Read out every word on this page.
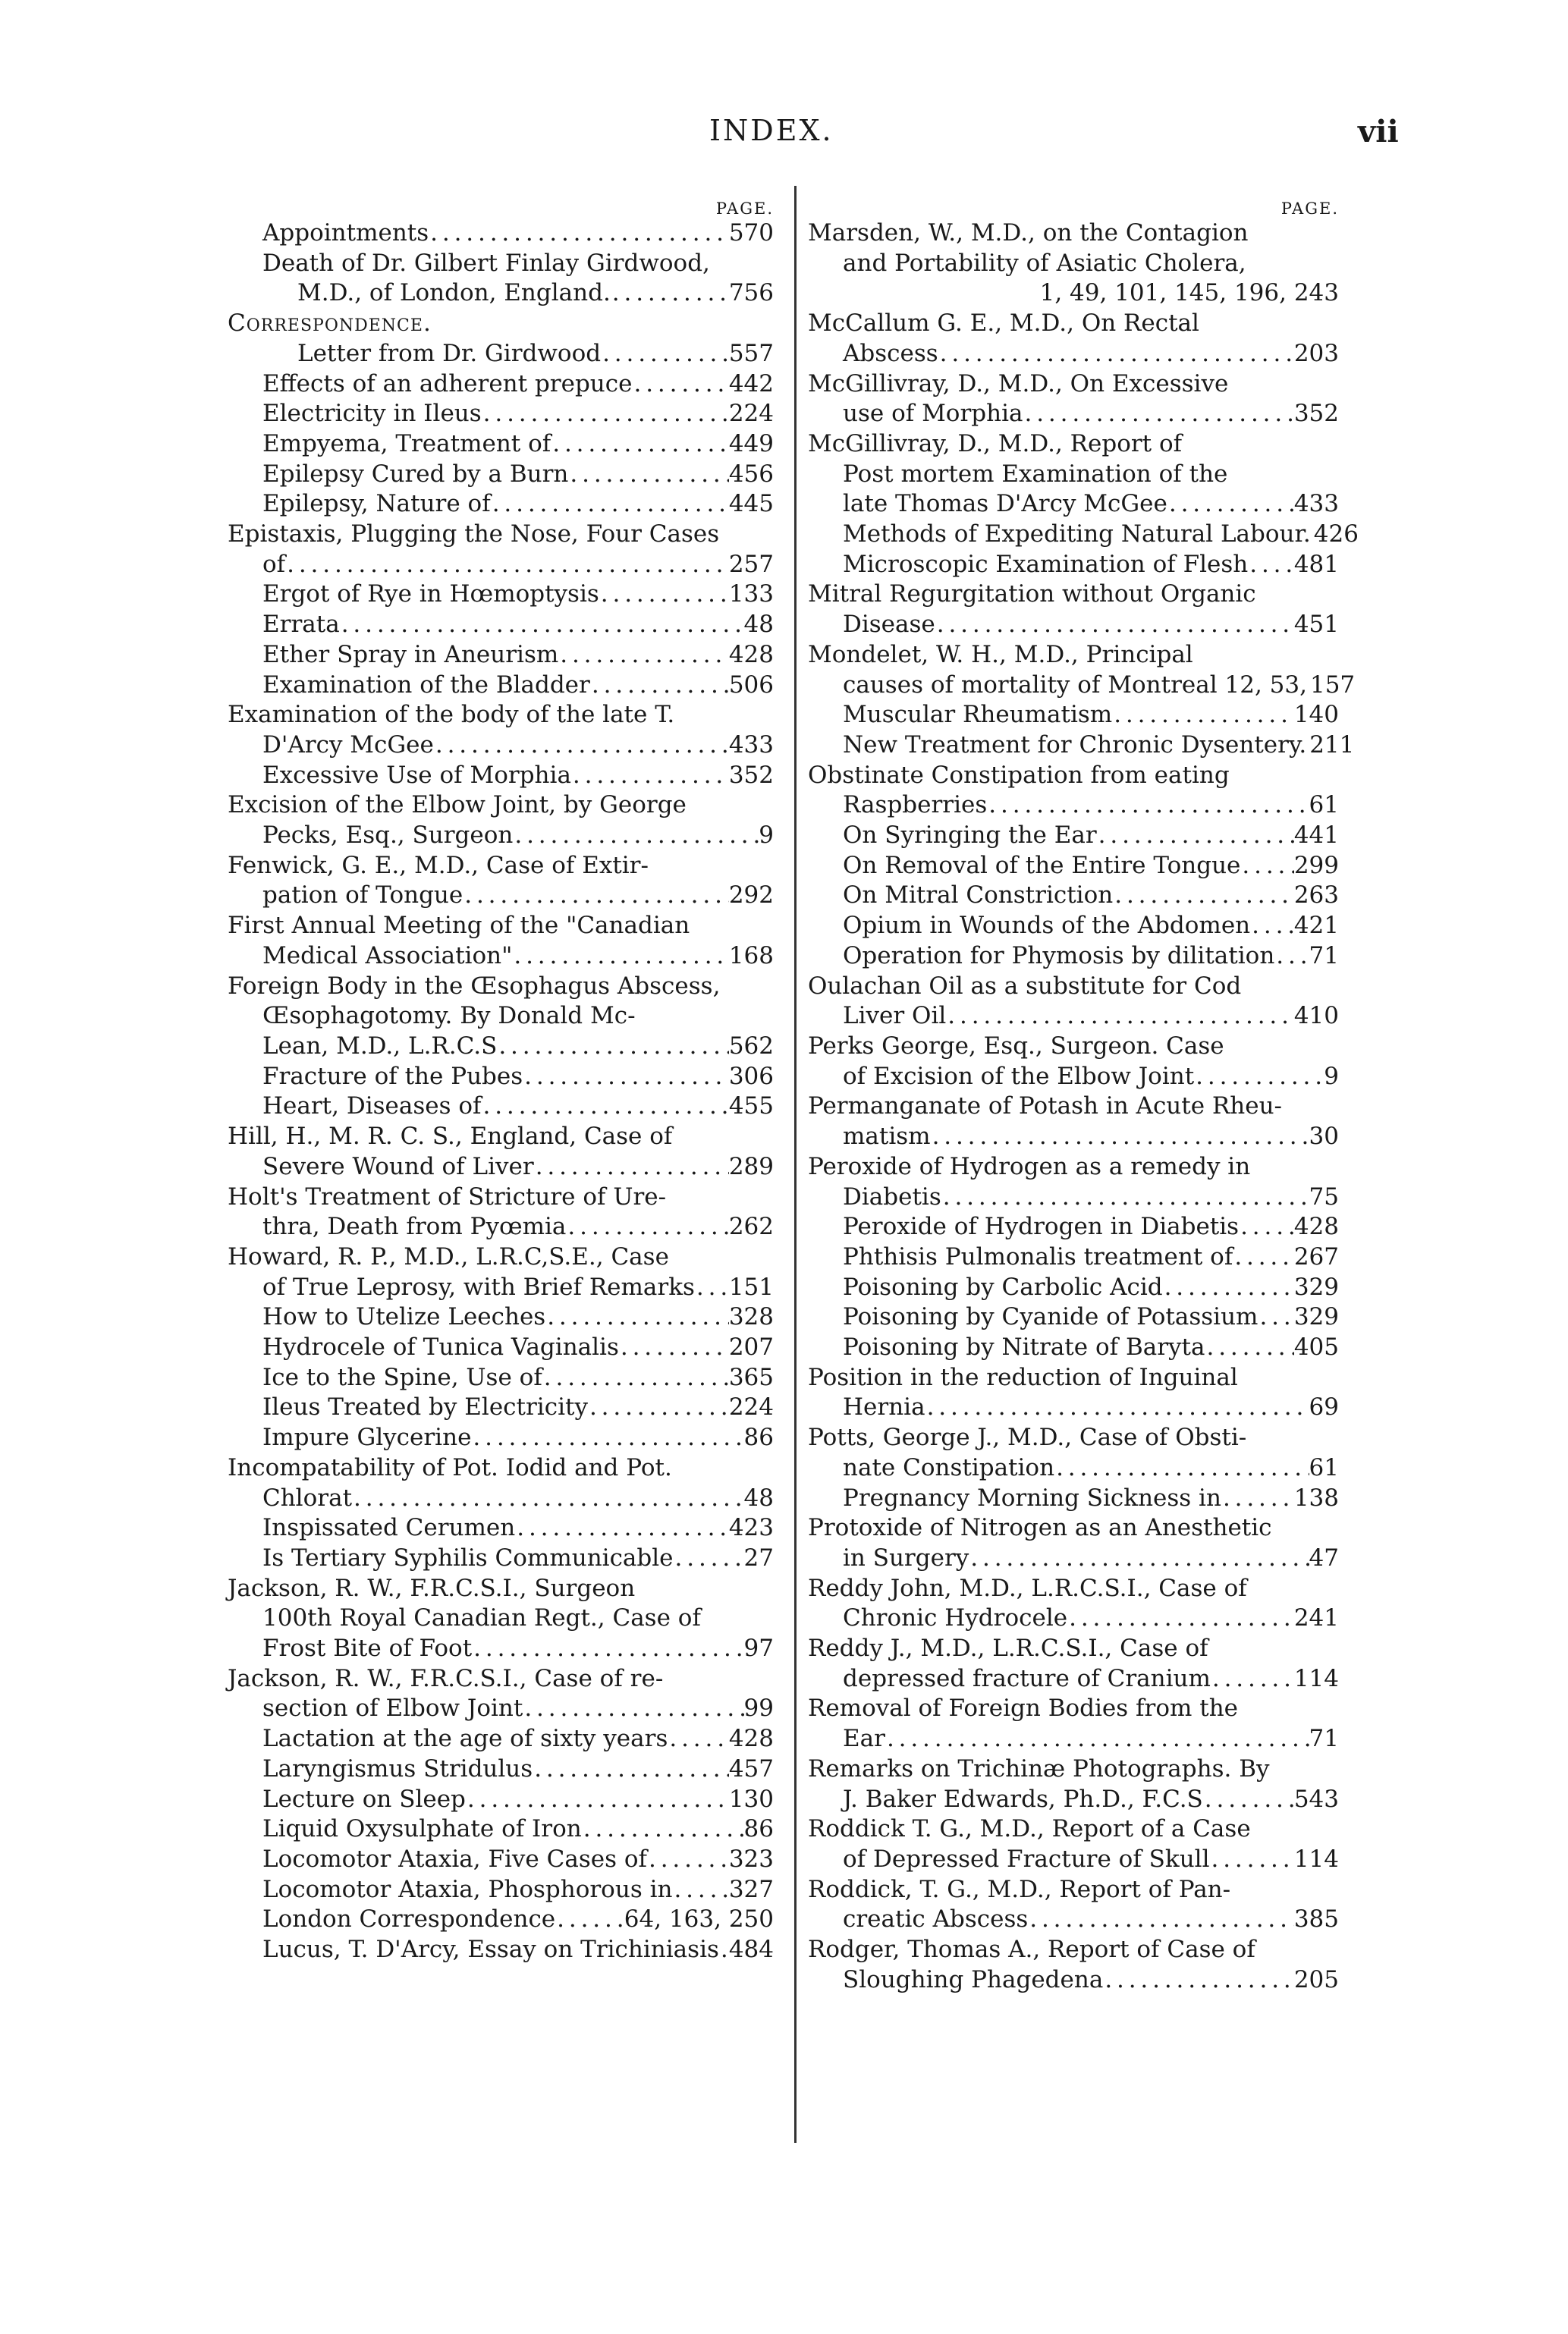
INDEX.	vii
PAGE.
Appointments . . .	570
Death of Dr. Gilbert Finlay Girdwood,
M.D., of London, England. . . .	756
Correspondence.
Letter from Dr. Girdwood . . .	557
Effects of an adherent prepuce . . .	442
Electricity in Ileus . . .	224
Empyema, Treatment of . . .	449
Epilepsy Cured by a Burn . . .	456
Epilepsy, Nature of . . .	445
Epistaxis, Plugging the Nose, Four Cases
of . . .	257
Ergot of Rye in Hœmoptysis . . .	133
Errata . . .	48
Ether Spray in Aneurism . . .	428
Examination of the Bladder . . .	506
Examination of the body of the late T.
D'Arcy McGee . . .	433
Excessive Use of Morphia . . .	352
Excision of the Elbow Joint, by George
Pecks, Esq., Surgeon . . .	9
Fenwick, G. E., M.D., Case of Extir-
pation of Tongue . . .	292
First Annual Meeting of the "Canadian
Medical Association" . . .	168
Foreign Body in the Œsophagus Abscess,
Œsophagotomy. By Donald Mc-
Lean, M.D., L.R.C.S . . .	562
Fracture of the Pubes . . .	306
Heart, Diseases of . . .	455
Hill, H., M. R. C. S., England, Case of
Severe Wound of Liver . . .	289
Holt's Treatment of Stricture of Ure-
thra, Death from Pyœmia . . .	262
Howard, R. P., M.D., L.R.C,S.E., Case
of True Leprosy, with Brief Remarks . . . 151
How to Utelize Leeches . . .	328
Hydrocele of Tunica Vaginalis . . .	207
Ice to the Spine, Use of . . .	365
Ileus Treated by Electricity . . .	224
Impure Glycerine . . .	86
Incompatability of Pot. Iodid and Pot.
Chlorat . . .	48
Inspissated Cerumen . . .	423
Is Tertiary Syphilis Communicable . . .	27
Jackson, R. W., F.R.C.S.I., Surgeon
100th Royal Canadian Regt., Case of
Frost Bite of Foot . . .	97
Jackson, R. W., F.R.C.S.I., Case of re-
section of Elbow Joint . . .	99
Lactation at the age of sixty years . . .	428
Laryngismus Stridulus . . .	457
Lecture on Sleep . . .	130
Liquid Oxysulphate of Iron . . .	86
Locomotor Ataxia, Five Cases of . . .	323
Locomotor Ataxia, Phosphorous in . . . 327
London Correspondence . . .	64, 163, 250
Lucus, T. D'Arcy, Essay on Trichiniasis . . . 484
PAGE.
Marsden, W., M.D., on the Contagion
and Portability of Asiatic Cholera,
1, 49, 101, 145, 196, 243
McCallum G. E., M.D., On Rectal
Abscess . . .	203
McGillivray, D., M.D., On Excessive
use of Morphia . . .	352
McGillivray, D., M.D., Report of
Post mortem Examination of the
late Thomas D'Arcy McGee . . .	433
Methods of Expediting Natural Labour. . . . 426
Microscopic Examination of Flesh . . . 481
Mitral Regurgitation without Organic
Disease . . .	451
Mondelet, W. H., M.D., Principal
causes of mortality of Montreal 12, 53, . . . 157
Muscular Rheumatism . . .	140
New Treatment for Chronic Dysentery. . . . 211
Obstinate Constipation from eating
Raspberries . . .	61
On Syringing the Ear . . .	441
On Removal of the Entire Tongue . . . 299
On Mitral Constriction . . .	263
Opium in Wounds of the Abdomen . . . 421
Operation for Phymosis by dilitation . . . 71
Oulachan Oil as a substitute for Cod
Liver Oil . . .	410
Perks George, Esq., Surgeon. Case
of Excision of the Elbow Joint . . .	9
Permanganate of Potash in Acute Rheu-
matism . . .	30
Peroxide of Hydrogen as a remedy in
Diabetis . . .	75
Peroxide of Hydrogen in Diabetis . . . 428
Phthisis Pulmonalis treatment of . . .	267
Poisoning by Carbolic Acid . . .	329
Poisoning by Cyanide of Potassium . . . 329
Poisoning by Nitrate of Baryta . . .	405
Position in the reduction of Inguinal
Hernia . . .	69
Potts, George J., M.D., Case of Obsti-
nate Constipation . . .	61
Pregnancy Morning Sickness in . . .	138
Protoxide of Nitrogen as an Anesthetic
in Surgery . . .	47
Reddy John, M.D., L.R.C.S.I., Case of
Chronic Hydrocele . . .	241
Reddy J., M.D., L.R.C.S.I., Case of
depressed fracture of Cranium . . .	114
Removal of Foreign Bodies from the
Ear . . .	71
Remarks on Trichinæ Photographs. By
J. Baker Edwards, Ph.D., F.C.S . . .	543
Roddick T. G., M.D., Report of a Case
of Depressed Fracture of Skull . . .	114
Roddick, T. G., M.D., Report of Pan-
creatic Abscess . . .	385
Rodger, Thomas A., Report of Case of
Sloughing Phagedena . . .	205
